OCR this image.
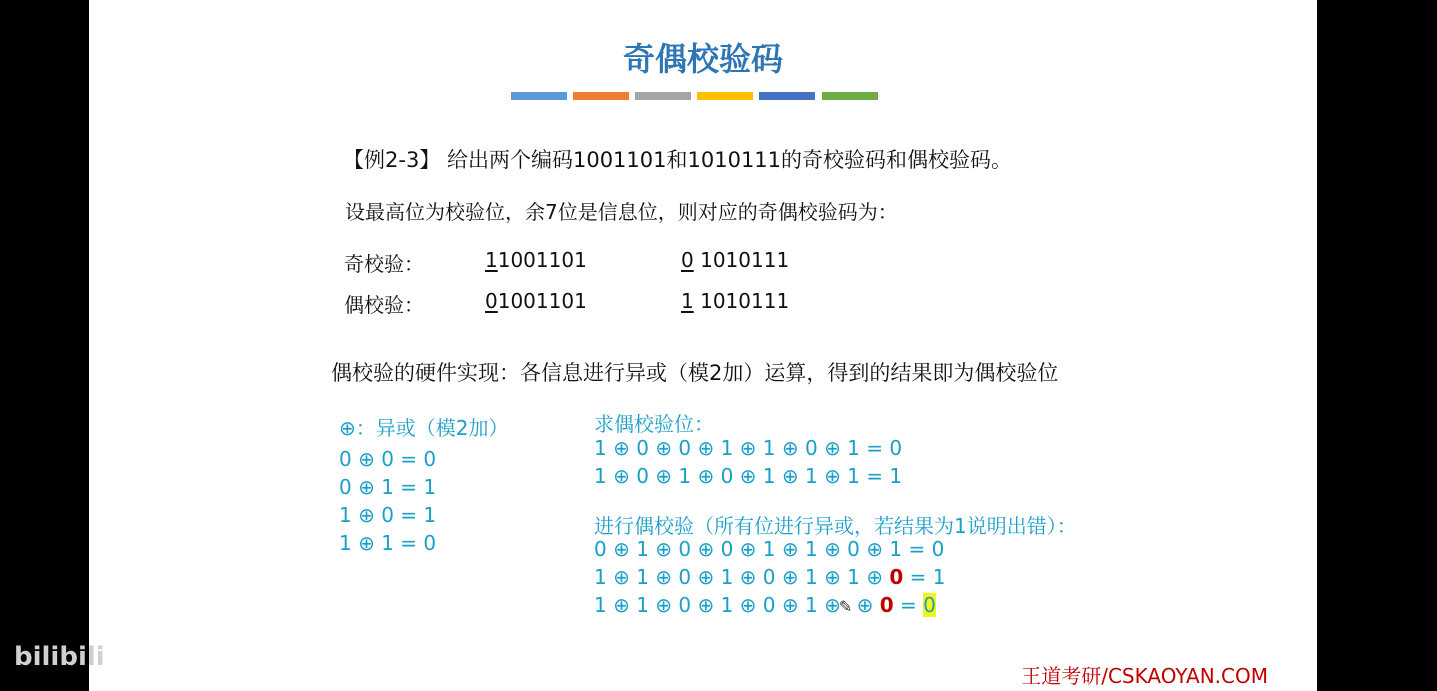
奇偶校验码
【例2-3】 给出两个编码1001101和1010111的奇校验码和偶校验码。
设最高位为校验位，余7位是信息位，则对应的奇偶校验码为：
奇校验：	11001101	0 1010111
偶校验：	01001101	1 1010111
偶校验的硬件实现：各信息进行异或（模2加）运算，得到的结果即为偶校验位
⊕：异或（模2加）
0 ⊕ 0 = 0
0 ⊕ 1 = 1
1 ⊕ 0 = 1
1 ⊕ 1 = 0
求偶校验位：
1 ⊕ 0 ⊕ 0 ⊕ 1 ⊕ 1 ⊕ 0 ⊕ 1 = 0
1 ⊕ 0 ⊕ 1 ⊕ 0 ⊕ 1 ⊕ 1 ⊕ 1 = 1
进行偶校验（所有位进行异或，若结果为1说明出错）：
0 ⊕ 1 ⊕ 0 ⊕ 0 ⊕ 1 ⊕ 1 ⊕ 0 ⊕ 1 = 0
1 ⊕ 1 ⊕ 0 ⊕ 1 ⊕ 0 ⊕ 1 ⊕ 1 ⊕ 0 = 1
1 ⊕ 1 ⊕ 0 ⊕ 1 ⊕ 0 ⊕ 1 ⊕✎ ⊕ 0 = 0
王道考研/CSKAOYAN.COM
bilibili
